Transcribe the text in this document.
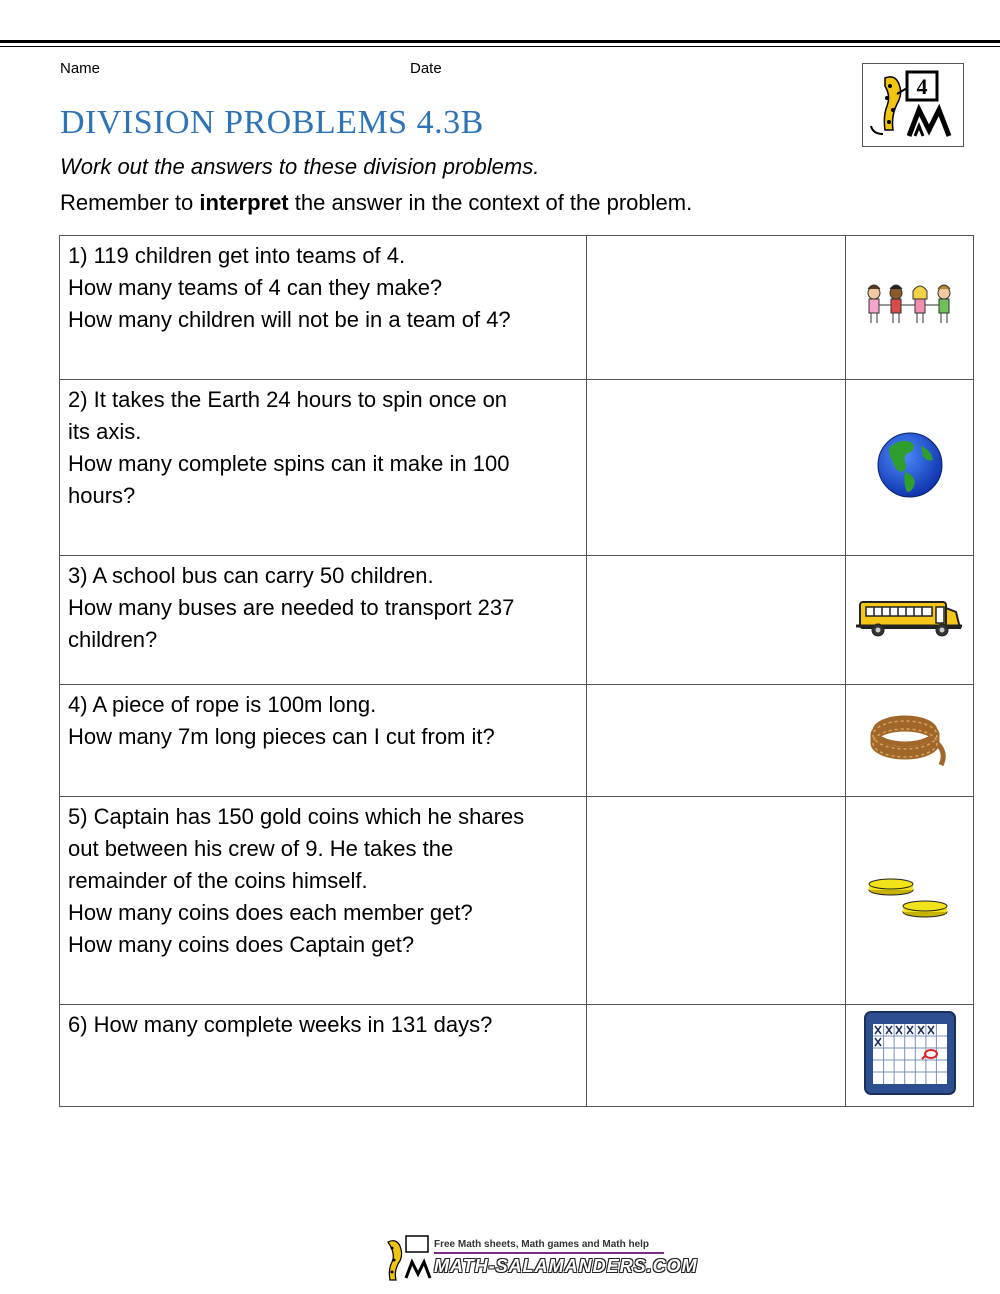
Name	Date
4
DIVISION PROBLEMS 4.3B
Work out the answers to these division problems.
Remember to interpret the answer in the context of the problem.
1) 119 children get into teams of 4.
How many teams of 4 can they make?
How many children will not be in a team of 4?

2) It takes the Earth 24 hours to spin once on
its axis.
How many complete spins can it make in 100
hours?

3) A school bus can carry 50 children.
How many buses are needed to transport 237
children?

4) A piece of rope is 100m long.
How many 7m long pieces can I cut from it?

5) Captain has 150 gold coins which he shares
out between his crew of 9. He takes the
remainder of the coins himself.
How many coins does each member get?
How many coins does Captain get?

6) How many complete weeks in 131 days?

Free Math sheets, Math games and Math help
MATH-SALAMANDERS.COM
